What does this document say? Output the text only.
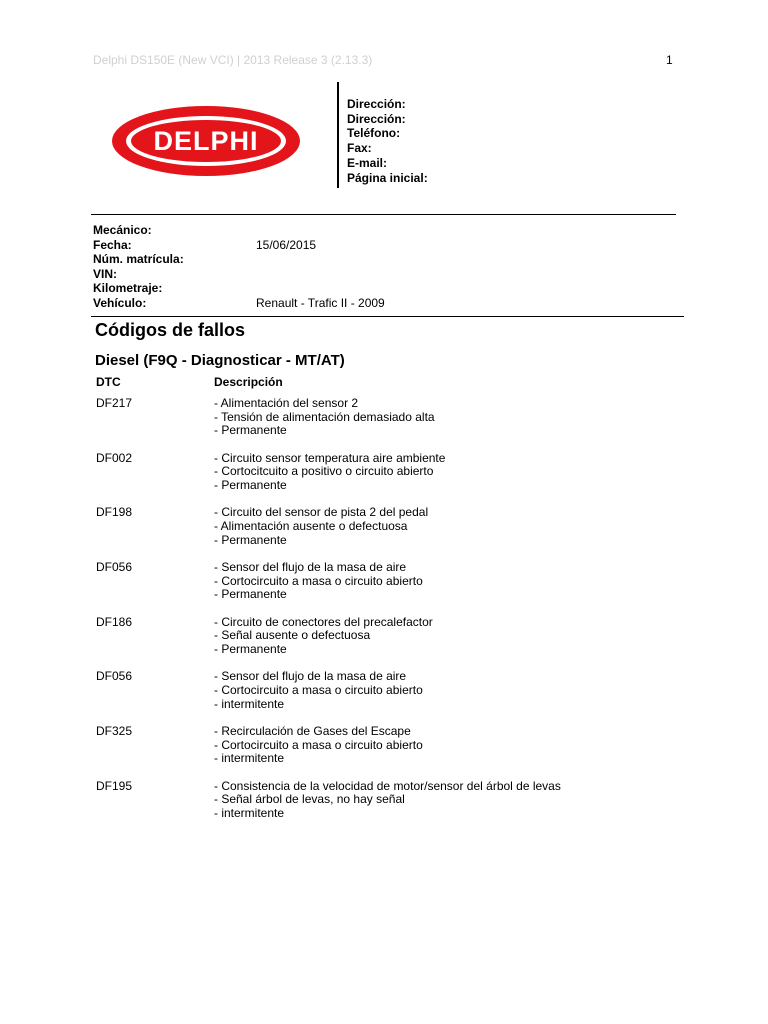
Delphi DS150E (New VCI) | 2013 Release 3 (2.13.3)	1
DELPHI
Dirección:
Dirección:
Teléfono:
Fax:
E-mail:
Página inicial:
Mecánico:
Fecha:	15/06/2015
Núm. matrícula:
VIN:
Kilometraje:
Vehículo:	Renault - Trafic II - 2009
Códigos de fallos
Diesel (F9Q - Diagnosticar - MT/AT)
DTC	Descripción
DF217	- Alimentación del sensor 2
- Tensión de alimentación demasiado alta
- Permanente
DF002	- Circuito sensor temperatura aire ambiente
- Cortocitcuito a positivo o circuito abierto
- Permanente
DF198	- Circuito del sensor de pista 2 del pedal
- Alimentación ausente o defectuosa
- Permanente
DF056	- Sensor del flujo de la masa de aire
- Cortocircuito a masa o circuito abierto
- Permanente
DF186	- Circuito de conectores del precalefactor
- Señal ausente o defectuosa
- Permanente
DF056	- Sensor del flujo de la masa de aire
- Cortocircuito a masa o circuito abierto
- intermitente
DF325	- Recirculación de Gases del Escape
- Cortocircuito a masa o circuito abierto
- intermitente
DF195	- Consistencia de la velocidad de motor/sensor del árbol de levas
- Señal árbol de levas, no hay señal
- intermitente
